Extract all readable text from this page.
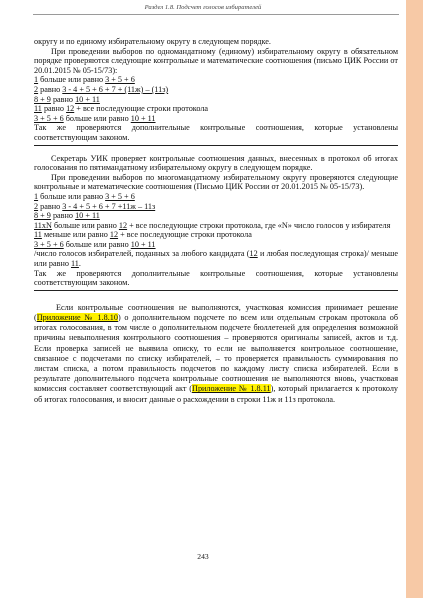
Раздел 1.8. Подсчет голосов избирателей

округу и по единому избирательному округу в следующем порядке.

При проведении выборов по одномандатному (единому) избирательному округу в обязательном порядке проверяются следующие контрольные и математические соотношения (письмо ЦИК России от 20.01.2015 № 05-15/73):

1 больше или равно 3 + 5 + 6

2 равно 3 - 4 + 5 + 6 + 7 + (11ж) – (11з)

8 + 9 равно 10 + 11

11 равно 12 + все последующие строки протокола

3 + 5 + 6 больше или равно 10 + 11

Так же проверяются дополнительные контрольные соотношения, которые установлены соответствующим законом.

Секретарь УИК проверяет контрольные соотношения данных, внесенных в протокол об итогах голосования по пятимандатному избирательному округу в следующем порядке.

При проведении выборов по многомандатному избирательному округу проверяются следующие контрольные и математические соотношения (Письмо ЦИК России от 20.01.2015 № 05-15/73).

1 больше или равно 3 + 5 + 6

2 равно 3 - 4 + 5 + 6 + 7 +11ж – 11з

8 + 9 равно 10 + 11

11xN больше или равно 12 + все последующие строки протокола, где «N» число голосов у избирателя

11 меньше или равно 12 + все последующие строки протокола

3 + 5 + 6 больше или равно 10 + 11

/число голосов избирателей, поданных за любого кандидата (12 и любая последующая строка)/ меньше или равно 11.

Так же проверяются дополнительные контрольные соотношения, которые установлены соответствующим законом.

Если контрольные соотношения не выполняются, участковая комиссия принимает решение (Приложение № 1.8.10) о дополнительном подсчете по всем или отдельным строкам протокола об итогах голосования, в том числе о дополнительном подсчете бюллетеней для определения возможной причины невыполнения контрольного соотношения – проверяются оригиналы записей, актов и т.д. Если проверка записей не выявила описку, то если не выполняется контрольное соотношение, связанное с подсчетами по списку избирателей, – то проверяется правильность суммирования по листам списка, а потом правильность подсчетов по каждому листу списка избирателей. Если в результате дополнительного подсчета контрольные соотношения не выполняются вновь, участковая комиссия составляет соответствующий акт (Приложение № 1.8.11), который прилагается к протоколу об итогах голосования, и вносит данные о расхождении в строки 11ж и 11з протокола.

243
